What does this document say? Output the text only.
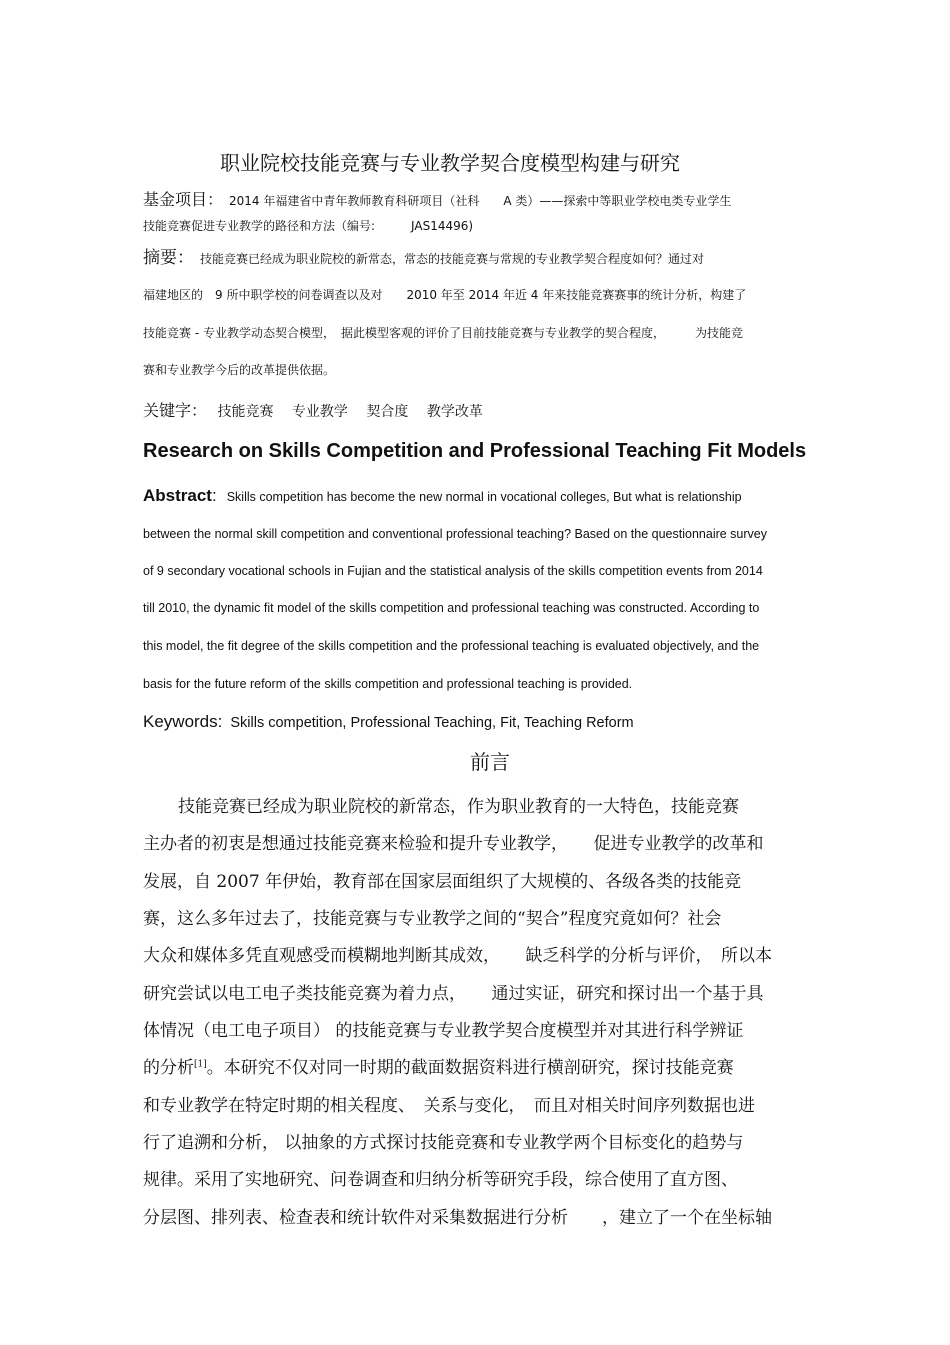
职业院校技能竞赛与专业教学契合度模型构建与研究
基金项目： 2014 年福建省中青年教师教育科研项目（社科　　A 类）——探索中等职业学校电类专业学生
技能竞赛促进专业教学的路径和方法（编号:　　　JAS14496)
摘要： 技能竞赛已经成为职业院校的新常态，常态的技能竞赛与常规的专业教学契合程度如何？通过对
福建地区的　9 所中职学校的问卷调查以及对　　2010 年至 2014 年近 4 年来技能竞赛赛事的统计分析，构建了
技能竞赛 - 专业教学动态契合模型，　据此模型客观的评价了目前技能竞赛与专业教学的契合程度，　　　为技能竞
赛和专业教学今后的改革提供依据。
关键字： 技能竞赛 专业教学 契合度 教学改革
Research on Skills Competition and Professional Teaching Fit Models
Abstract: Skills competition has become the new normal in vocational colleges, But what is relationship
between the normal skill competition and conventional professional teaching? Based on the questionnaire survey
of 9 secondary vocational schools in Fujian and the statistical analysis of the skills competition events from 2014
till 2010, the dynamic fit model of the skills competition and professional teaching was constructed. According to
this model, the fit degree of the skills competition and the professional teaching is evaluated objectively, and the
basis for the future reform of the skills competition and professional teaching is provided.
Keywords: Skills competition, Professional Teaching, Fit, Teaching Reform
前言
技能竞赛已经成为职业院校的新常态，作为职业教育的一大特色，技能竞赛
主办者的初衷是想通过技能竞赛来检验和提升专业教学，　　促进专业教学的改革和
发展，自 2007 年伊始，教育部在国家层面组织了大规模的、各级各类的技能竞
赛，这么多年过去了，技能竞赛与专业教学之间的“契合”程度究竟如何？社会
大众和媒体多凭直观感受而模糊地判断其成效，　　缺乏科学的分析与评价，　所以本
研究尝试以电工电子类技能竞赛为着力点，　　通过实证，研究和探讨出一个基于具
体情况（电工电子项目） 的技能竞赛与专业教学契合度模型并对其进行科学辨证
的分析[1]。本研究不仅对同一时期的截面数据资料进行横剖研究，探讨技能竞赛
和专业教学在特定时期的相关程度、　关系与变化，　而且对相关时间序列数据也进
行了追溯和分析， 以抽象的方式探讨技能竞赛和专业教学两个目标变化的趋势与
规律。采用了实地研究、问卷调查和归纳分析等研究手段，综合使用了直方图、
分层图、排列表、检查表和统计软件对采集数据进行分析　　，建立了一个在坐标轴
